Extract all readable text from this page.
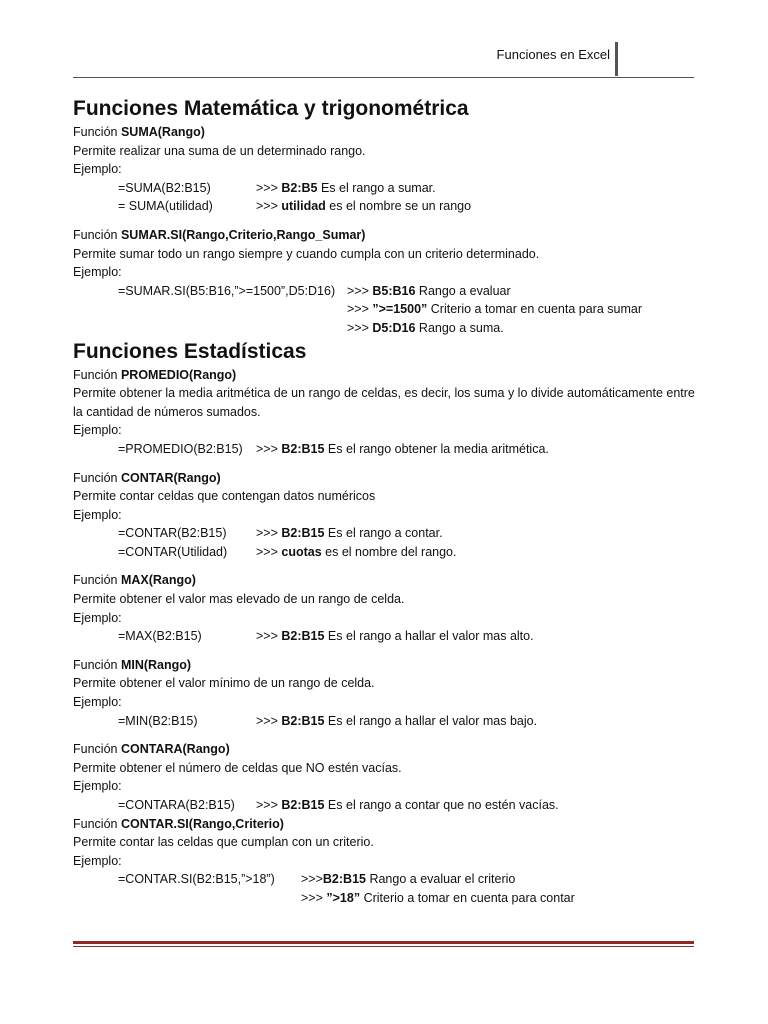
Funciones en Excel
Funciones Matemática y trigonométrica
Función SUMA(Rango)
Permite realizar una suma de un determinado rango.
Ejemplo:
=SUMA(B2:B15)	>>> B2:B5 Es el rango a sumar.
= SUMA(utilidad)	>>> utilidad es el nombre se un rango
Función SUMAR.SI(Rango,Criterio,Rango_Sumar)
Permite sumar todo un rango siempre y cuando cumpla con un criterio determinado.
Ejemplo:
=SUMAR.SI(B5:B16,”>=1500”,D5:D16) >>> B5:B16 Rango a evaluar
>>> ”>=1500” Criterio a tomar en cuenta para sumar
>>> D5:D16 Rango a suma.
Funciones Estadísticas
Función PROMEDIO(Rango)
Permite obtener la media aritmética de un rango de celdas, es decir, los suma y lo divide automáticamente entre la cantidad de números sumados.
Ejemplo:
=PROMEDIO(B2:B15)	>>> B2:B15 Es el rango obtener la media aritmética.
Función CONTAR(Rango)
Permite contar celdas que contengan datos numéricos
Ejemplo:
=CONTAR(B2:B15)	>>> B2:B15 Es el rango a contar.
=CONTAR(Utilidad)	>>> cuotas es el nombre del rango.
Función MAX(Rango)
Permite obtener el valor mas elevado de un rango de celda.
Ejemplo:
=MAX(B2:B15)	>>> B2:B15 Es el rango a hallar el valor mas alto.
Función MIN(Rango)
Permite obtener el valor mínimo de un rango de celda.
Ejemplo:
=MIN(B2:B15)	>>> B2:B15 Es el rango a hallar el valor mas bajo.
Función CONTARA(Rango)
Permite obtener el número de celdas que NO estén vacías.
Ejemplo:
=CONTARA(B2:B15)	>>> B2:B15 Es el rango a contar que no estén vacías.
Función CONTAR.SI(Rango,Criterio)
Permite contar las celdas que cumplan con un criterio.
Ejemplo:
=CONTAR.SI(B2:B15,”>18”)	>>> B2:B15 Rango a evaluar el criterio
>>> ”>18” Criterio a tomar en cuenta para contar
